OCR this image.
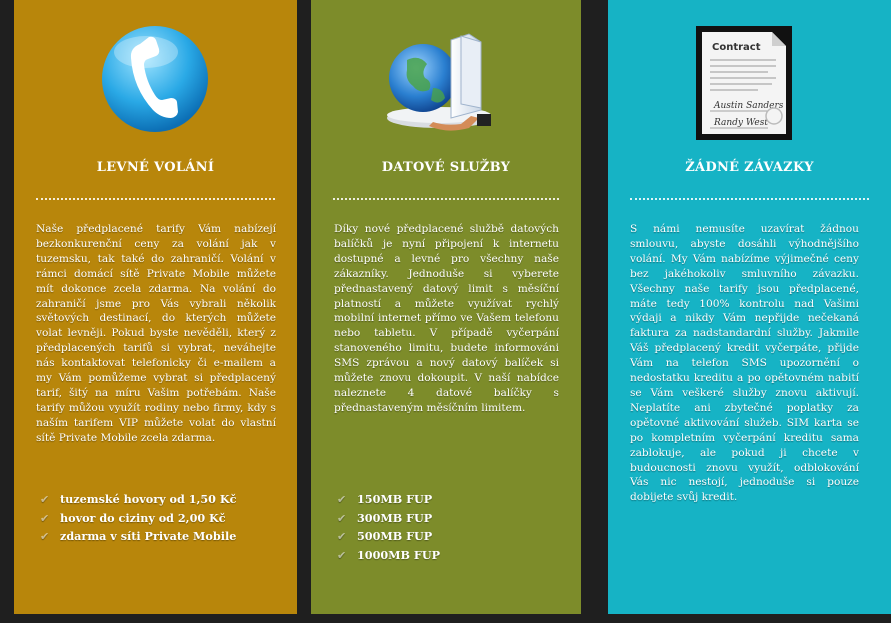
LEVNÉ VOLÁNÍ

Naše předplacené tarify Vám nabízejí bezkonkurenční ceny za volání jak v tuzemsku, tak také do zahraničí. Volání v rámci domácí sítě Private Mobile můžete mít dokonce zcela zdarma. Na volání do zahraničí jsme pro Vás vybrali několik světových destinací, do kterých můžete volat levněji. Pokud byste nevěděli, který z předplacených tarifů si vybrat, neváhejte nás kontaktovat telefonicky či e-mailem a my Vám pomůžeme vybrat si předplacený tarif, šitý na míru Vašim potřebám. Naše tarify můžou využít rodiny nebo firmy, kdy s naším tarifem VIP můžete volat do vlastní sítě Private Mobile zcela zdarma.

✔ tuzemské hovory od 1,50 Kč
✔ hovor do ciziny od 2,00 Kč
✔ zdarma v síti Private Mobile
DATOVÉ SLUŽBY

Díky nové předplacené službě datových balíčků je nyní připojení k internetu dostupné a levné pro všechny naše zákazníky. Jednoduše si vyberete přednastavený datový limit s měsíční platností a můžete využívat rychlý mobilní internet přímo ve Vašem telefonu nebo tabletu. V případě vyčerpání stanoveného limitu, budete informováni SMS zprávou a nový datový balíček si můžete znovu dokoupit. V naší nabídce naleznete 4 datové balíčky s přednastaveným měsíčním limitem.

✔ 150MB FUP
✔ 300MB FUP
✔ 500MB FUP
✔ 1000MB FUP
Contract
Austin Sanders
Randy West
ŽÁDNÉ ZÁVAZKY

S námi nemusíte uzavírat žádnou smlouvu, abyste dosáhli výhodnějšího volání. My Vám nabízíme výjimečné ceny bez jakéhokoliv smluvního závazku. Všechny naše tarify jsou předplacené, máte tedy 100% kontrolu nad Vašimi výdaji a nikdy Vám nepřijde nečekaná faktura za nadstandardní služby. Jakmile Váš předplacený kredit vyčerpáte, přijde Vám na telefon SMS upozornění o nedostatku kreditu a po opětovném nabití se Vám veškeré služby znovu aktivují. Neplatíte ani zbytečné poplatky za opětovné aktivování služeb. SIM karta se po kompletním vyčerpání kreditu sama zablokuje, ale pokud ji chcete v budoucnosti znovu využít, odblokování Vás nic nestojí, jednoduše si pouze dobijete svůj kredit.
